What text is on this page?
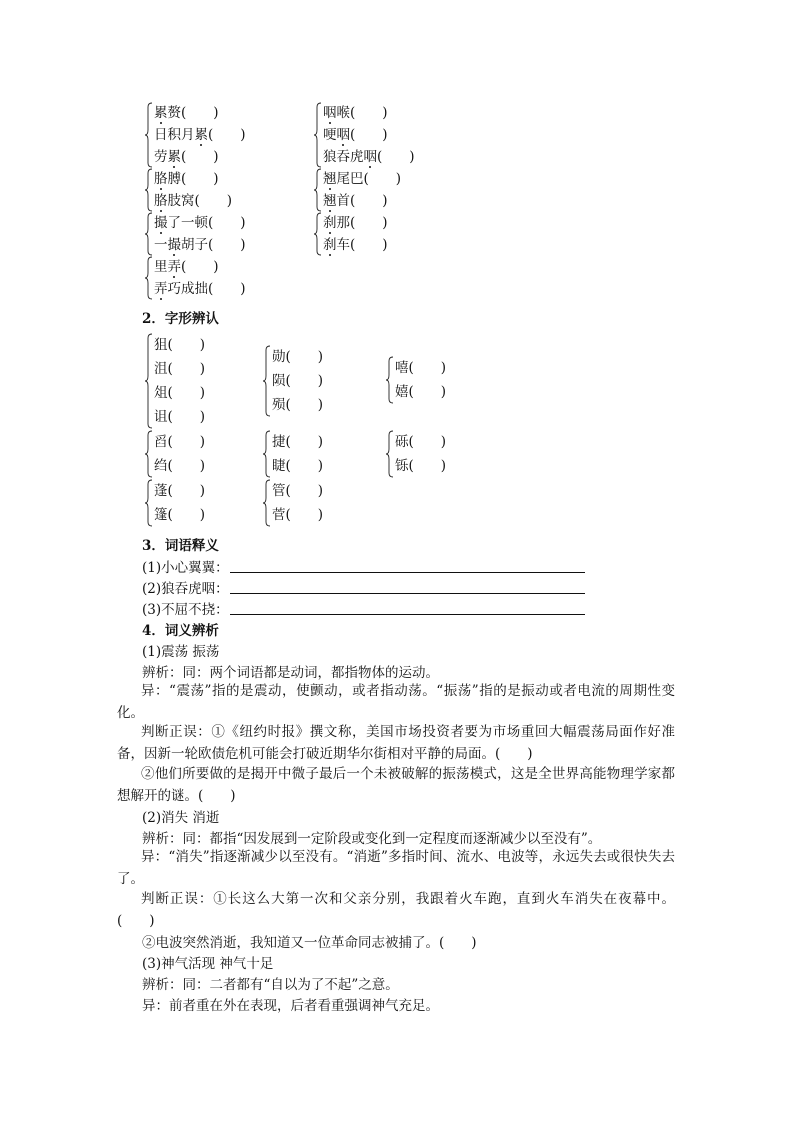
累赘(　　)
日积月累(　　)
劳累(　　)
胳膊(　　)
胳肢窝(　　)
撮了一顿(　　)
一撮胡子(　　)
里弄(　　)
弄巧成拙(　　)
咽喉(　　)
哽咽(　　)
狼吞虎咽(　　)
翘尾巴(　　)
翘首(　　)
刹那(　　)
刹车(　　)
2．字形辨认
狙(　　)
沮(　　)
俎(　　)
诅(　　)
勋(　　)
陨(　　)
殒(　　)
嘻(　　)
嬉(　　)
舀(　　)
绉(　　)
捷(　　)
睫(　　)
砾(　　)
铄(　　)
蓬(　　)
篷(　　)
管(　　)
菅(　　)
3．词语释义
(1)小心翼翼：
(2)狼吞虎咽：
(3)不屈不挠：
4．词义辨析
(1)震荡 振荡
辨析：同：两个词语都是动词，都指物体的运动。
异：“震荡”指的是震动，使颤动，或者指动荡。“振荡”指的是振动或者电流的周期性变化。
判断正误：①《纽约时报》撰文称，美国市场投资者要为市场重回大幅震荡局面作好准备，因新一轮欧债危机可能会打破近期华尔街相对平静的局面。(　　)
②他们所要做的是揭开中微子最后一个未被破解的振荡模式，这是全世界高能物理学家都想解开的谜。(　　)
(2)消失 消逝
辨析：同：都指“因发展到一定阶段或变化到一定程度而逐渐减少以至没有”。
异：“消失”指逐渐减少以至没有。“消逝”多指时间、流水、电波等，永远失去或很快失去了。
判断正误：①长这么大第一次和父亲分别，我跟着火车跑，直到火车消失在夜幕中。(　　)
②电波突然消逝，我知道又一位革命同志被捕了。(　　)
(3)神气活现 神气十足
辨析：同：二者都有“自以为了不起”之意。
异：前者重在外在表现，后者看重强调神气充足。
